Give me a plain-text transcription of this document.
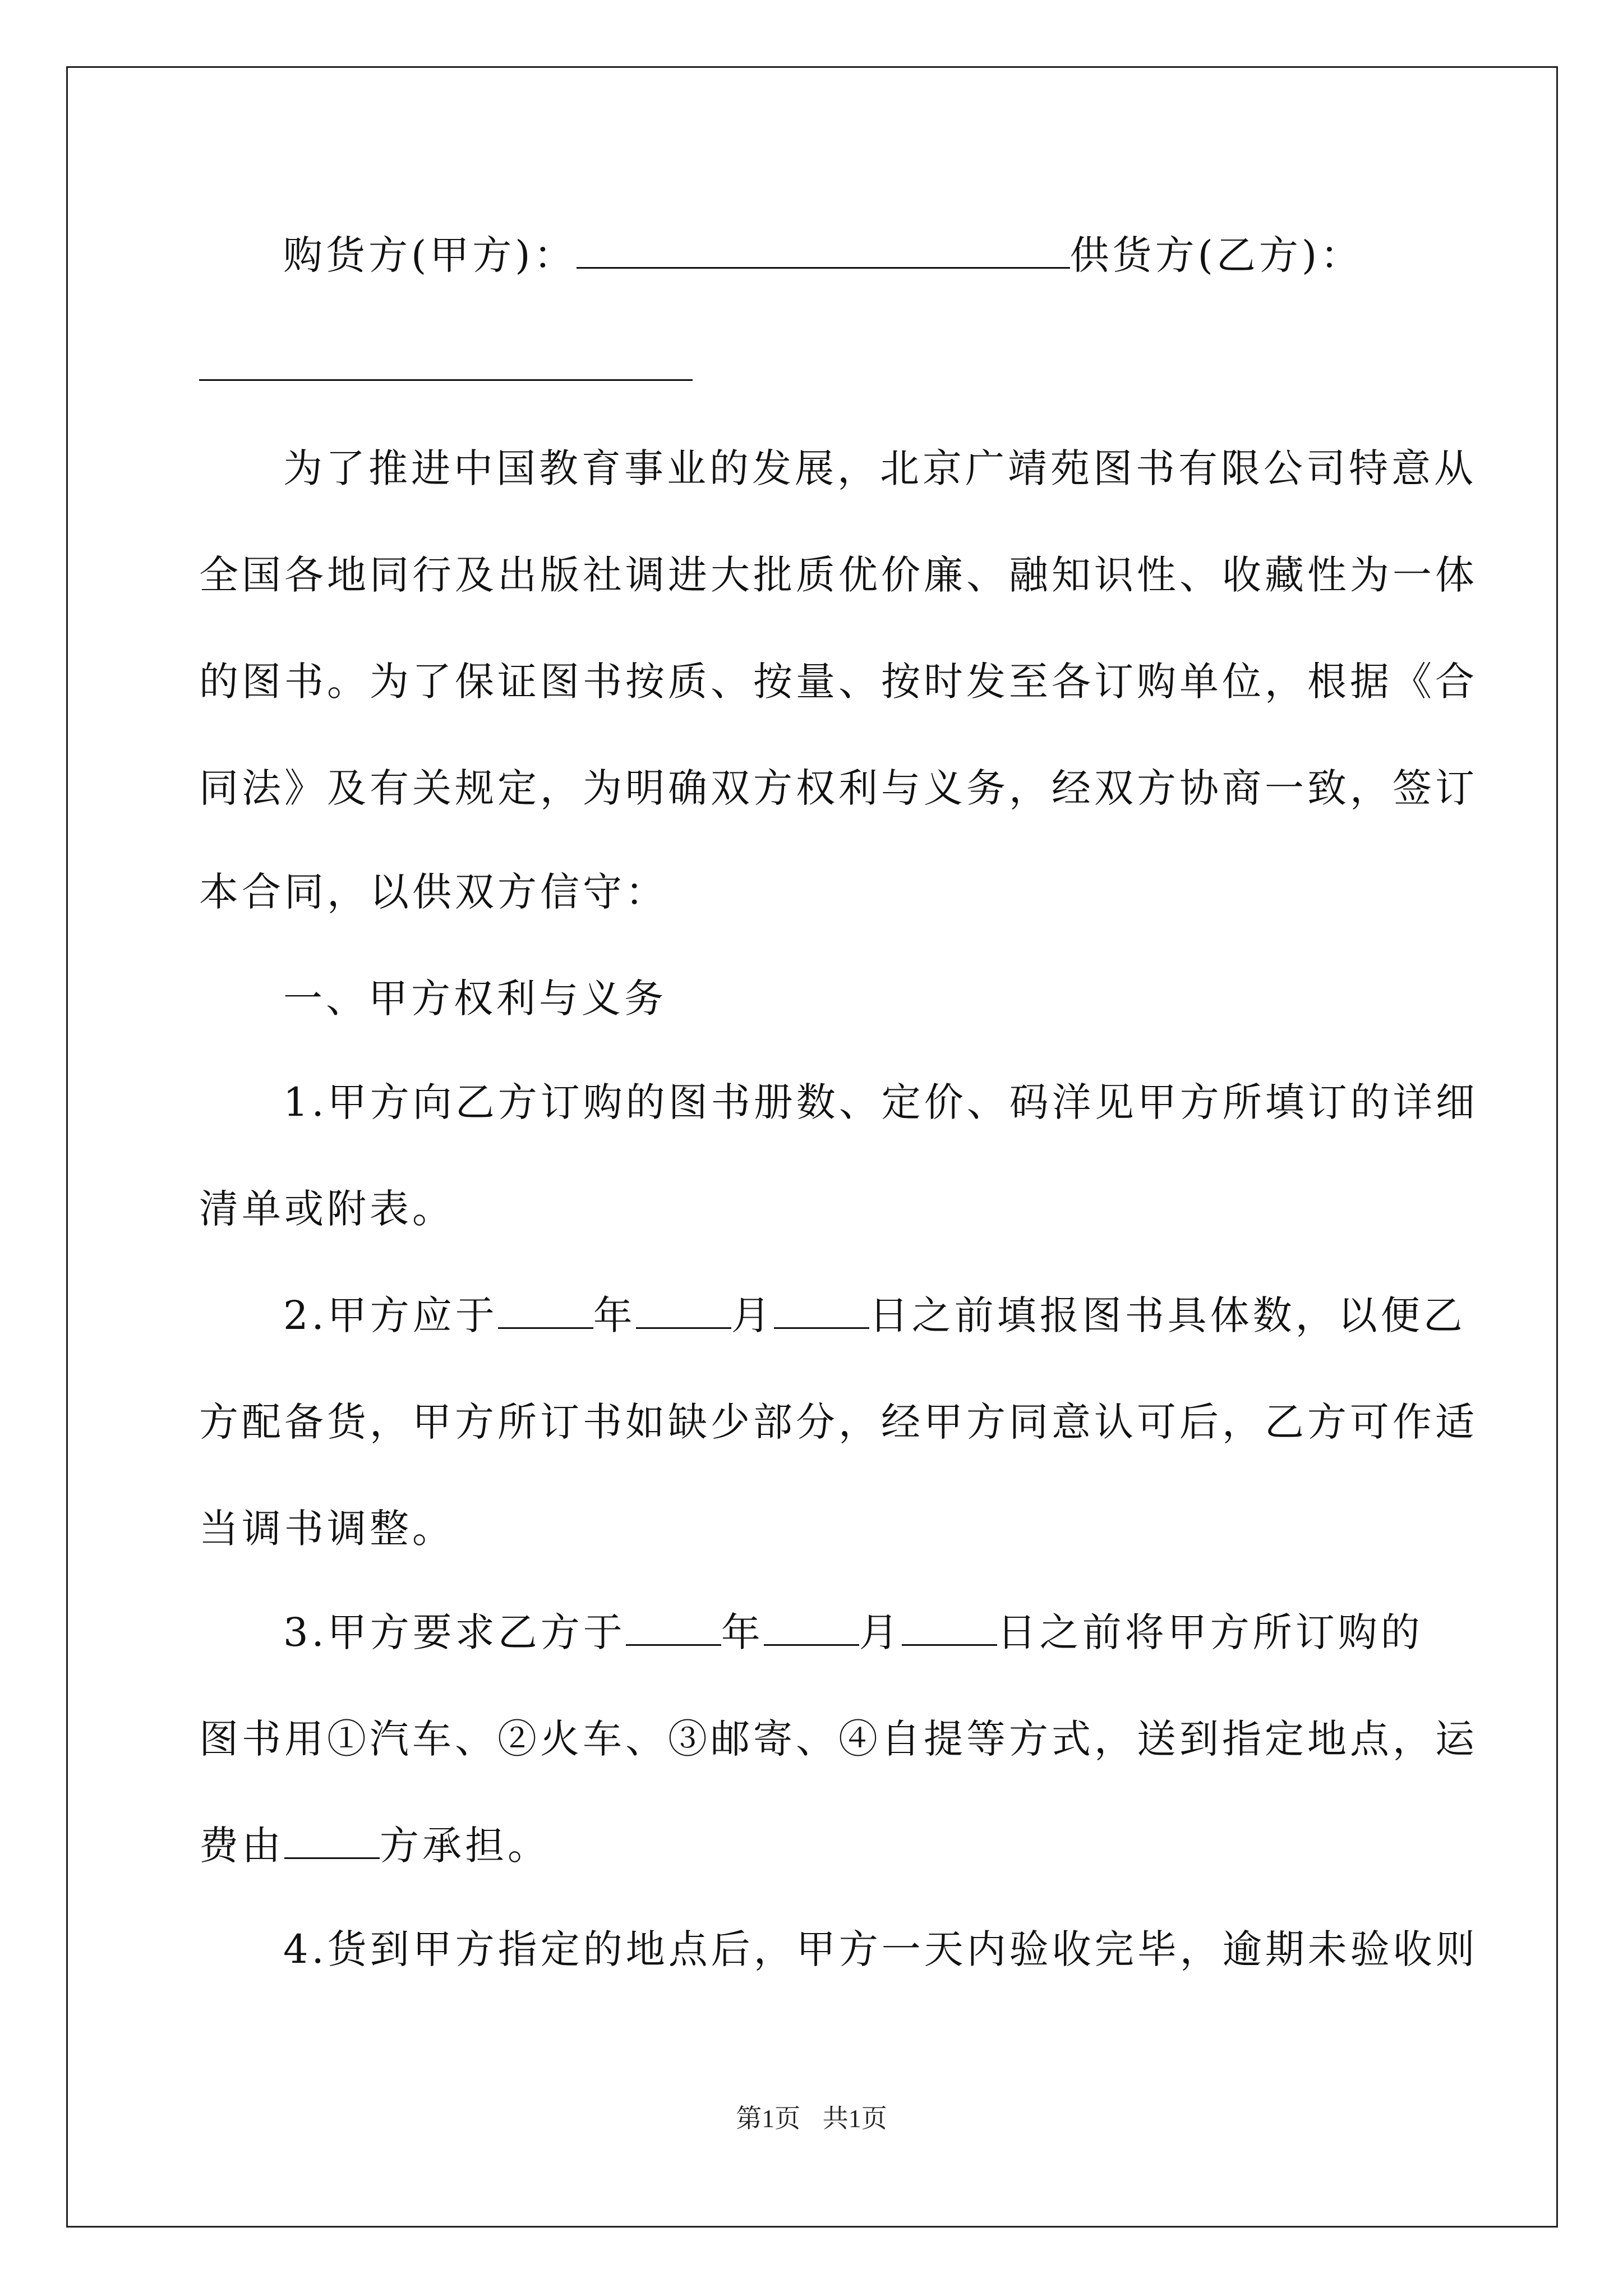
购货方(甲方)：	供货方(乙方)：
为了推进中国教育事业的发展，北京广靖苑图书有限公司特意从
全国各地同行及出版社调进大批质优价廉、融知识性、收藏性为一体
的图书。为了保证图书按质、按量、按时发至各订购单位，根据《合
同法》及有关规定，为明确双方权利与义务，经双方协商一致，签订
本合同，以供双方信守：
一、甲方权利与义务
1.甲方向乙方订购的图书册数、定价、码洋见甲方所填订的详细
清单或附表。
2.甲方应于 年 月 日之前填报图书具体数，以便乙
方配备货，甲方所订书如缺少部分，经甲方同意认可后，乙方可作适
当调书调整。
3.甲方要求乙方于 年 月 日之前将甲方所订购的
图书用①汽车、②火车、③邮寄、④自提等方式，送到指定地点，运
费由 方承担。
4.货到甲方指定的地点后，甲方一天内验收完毕，逾期未验收则
第1页 共1页
